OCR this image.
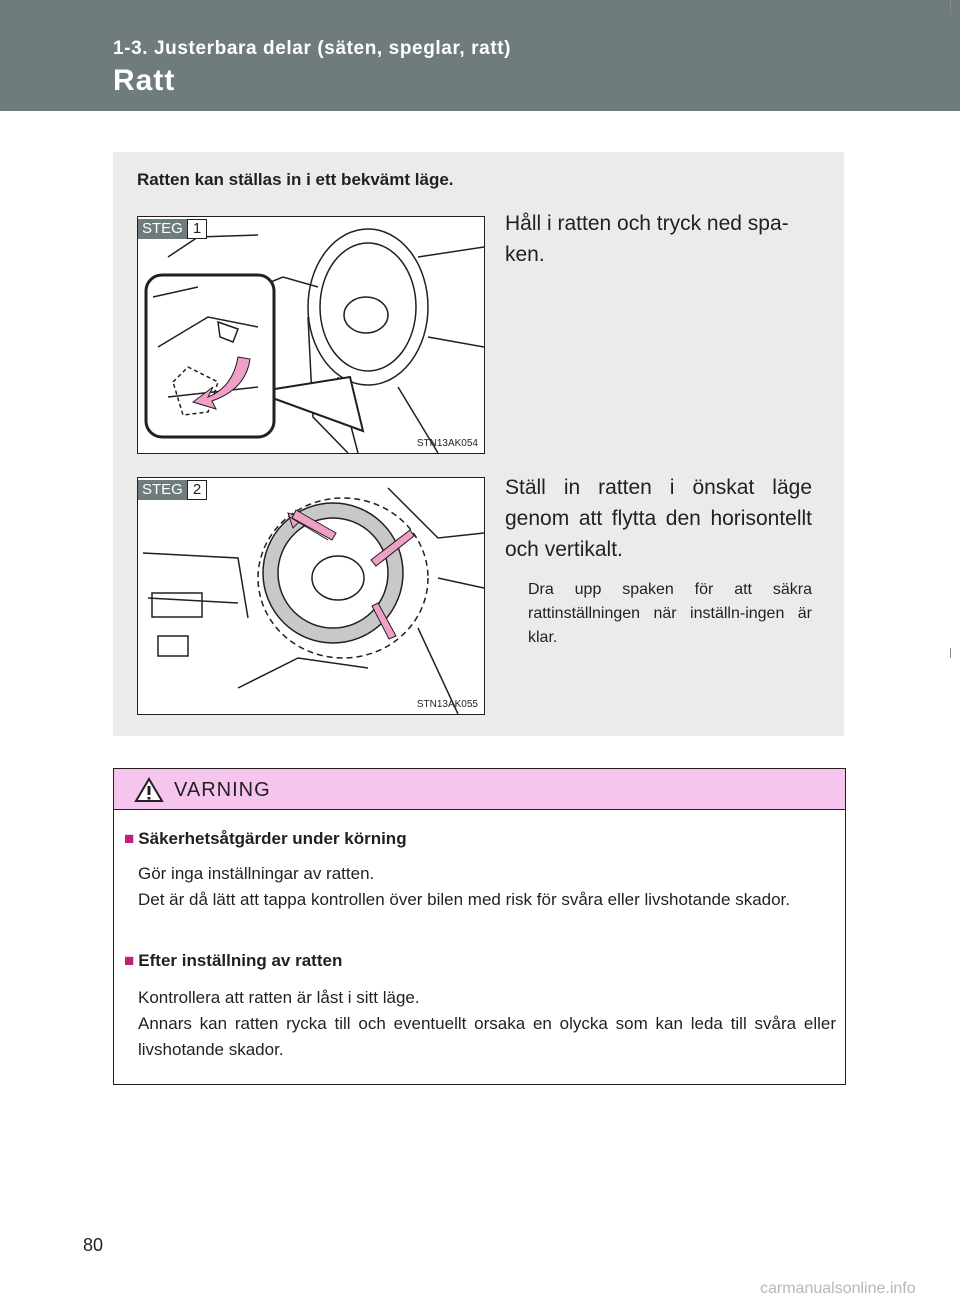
1-3. Justerbara delar (säten, speglar, ratt)
Ratt
Ratten kan ställas in i ett bekvämt läge.
STEG 1
STN13AK054
Håll i ratten och tryck ned spa-ken.
STEG 2
STN13AK055
Ställ in ratten i önskat läge genom att flytta den horisontellt och vertikalt.
Dra upp spaken för att säkra rattinställningen när inställn-ingen är klar.
VARNING
■ Säkerhetsåtgärder under körning
Gör inga inställningar av ratten.
Det är då lätt att tappa kontrollen över bilen med risk för svåra eller livshotande skador.
■ Efter inställning av ratten
Kontrollera att ratten är låst i sitt läge.
Annars kan ratten rycka till och eventuellt orsaka en olycka som kan leda till svåra eller livshotande skador.
80
carmanualsonline.info
